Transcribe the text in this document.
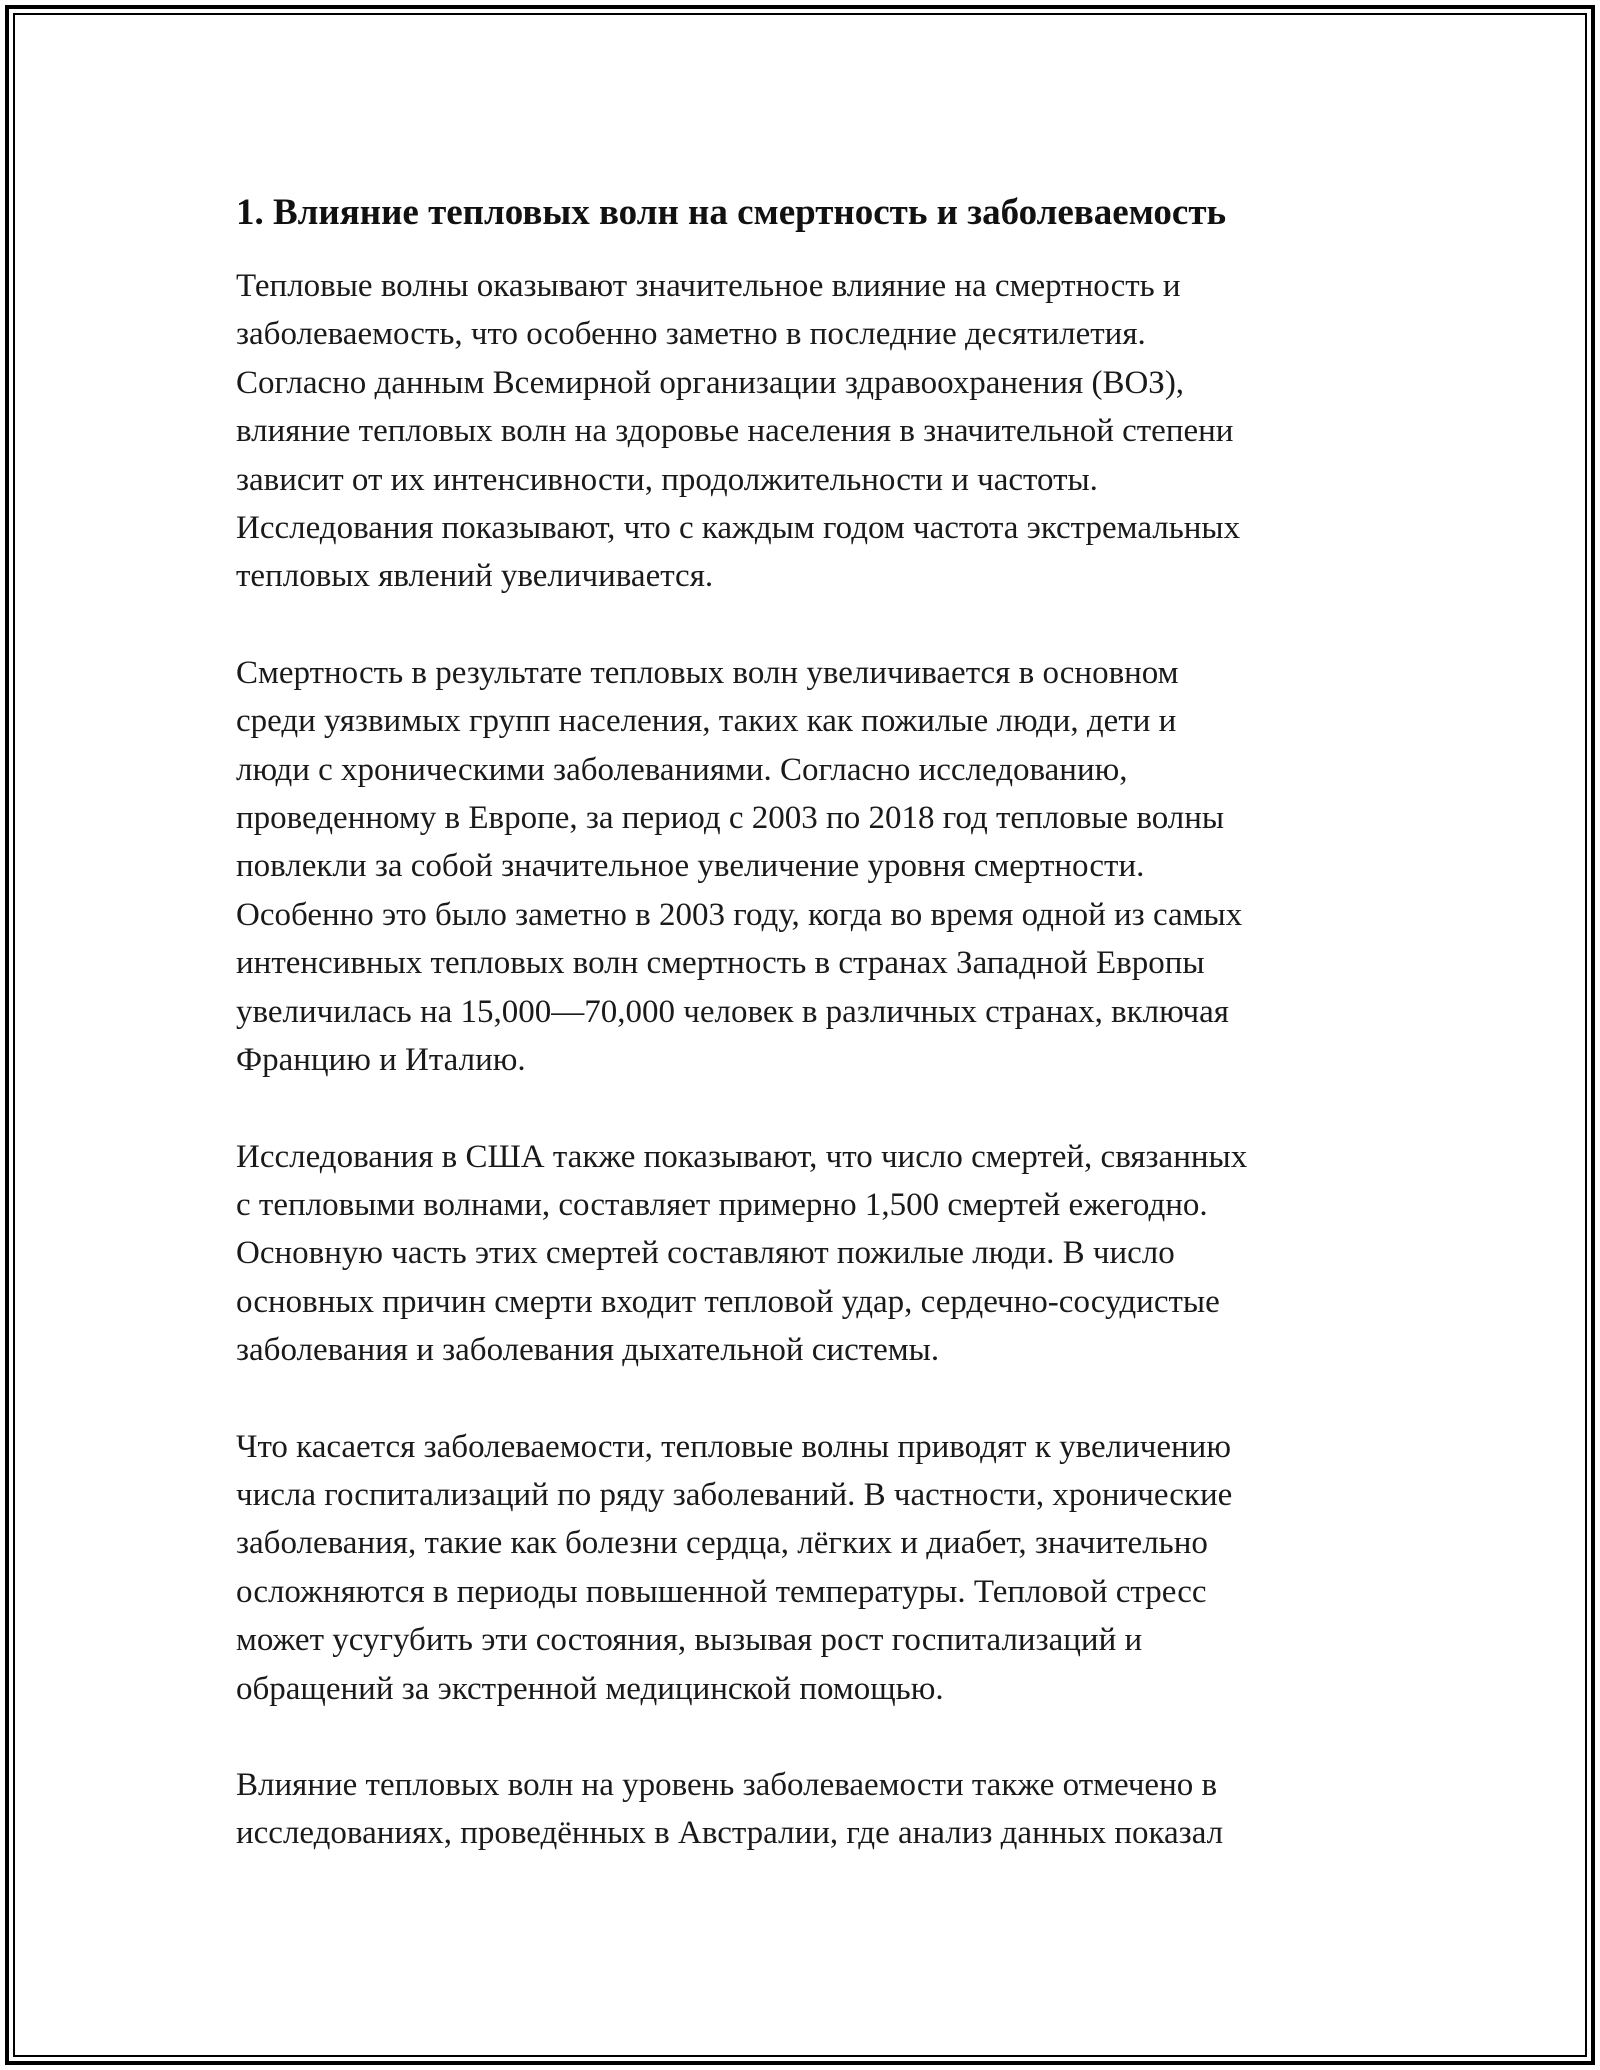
1. Влияние тепловых волн на смертность и заболеваемость

Тепловые волны оказывают значительное влияние на смертность и
заболеваемость, что особенно заметно в последние десятилетия.
Согласно данным Всемирной организации здравоохранения (ВОЗ),
влияние тепловых волн на здоровье населения в значительной степени
зависит от их интенсивности, продолжительности и частоты.
Исследования показывают, что с каждым годом частота экстремальных
тепловых явлений увеличивается.

Смертность в результате тепловых волн увеличивается в основном
среди уязвимых групп населения, таких как пожилые люди, дети и
люди с хроническими заболеваниями. Согласно исследованию,
проведенному в Европе, за период с 2003 по 2018 год тепловые волны
повлекли за собой значительное увеличение уровня смертности.
Особенно это было заметно в 2003 году, когда во время одной из самых
интенсивных тепловых волн смертность в странах Западной Европы
увеличилась на 15,000—70,000 человек в различных странах, включая
Францию и Италию.

Исследования в США также показывают, что число смертей, связанных
с тепловыми волнами, составляет примерно 1,500 смертей ежегодно.
Основную часть этих смертей составляют пожилые люди. В число
основных причин смерти входит тепловой удар, сердечно-сосудистые
заболевания и заболевания дыхательной системы.

Что касается заболеваемости, тепловые волны приводят к увеличению
числа госпитализаций по ряду заболеваний. В частности, хронические
заболевания, такие как болезни сердца, лёгких и диабет, значительно
осложняются в периоды повышенной температуры. Тепловой стресс
может усугубить эти состояния, вызывая рост госпитализаций и
обращений за экстренной медицинской помощью.

Влияние тепловых волн на уровень заболеваемости также отмечено в
исследованиях, проведённых в Австралии, где анализ данных показал
